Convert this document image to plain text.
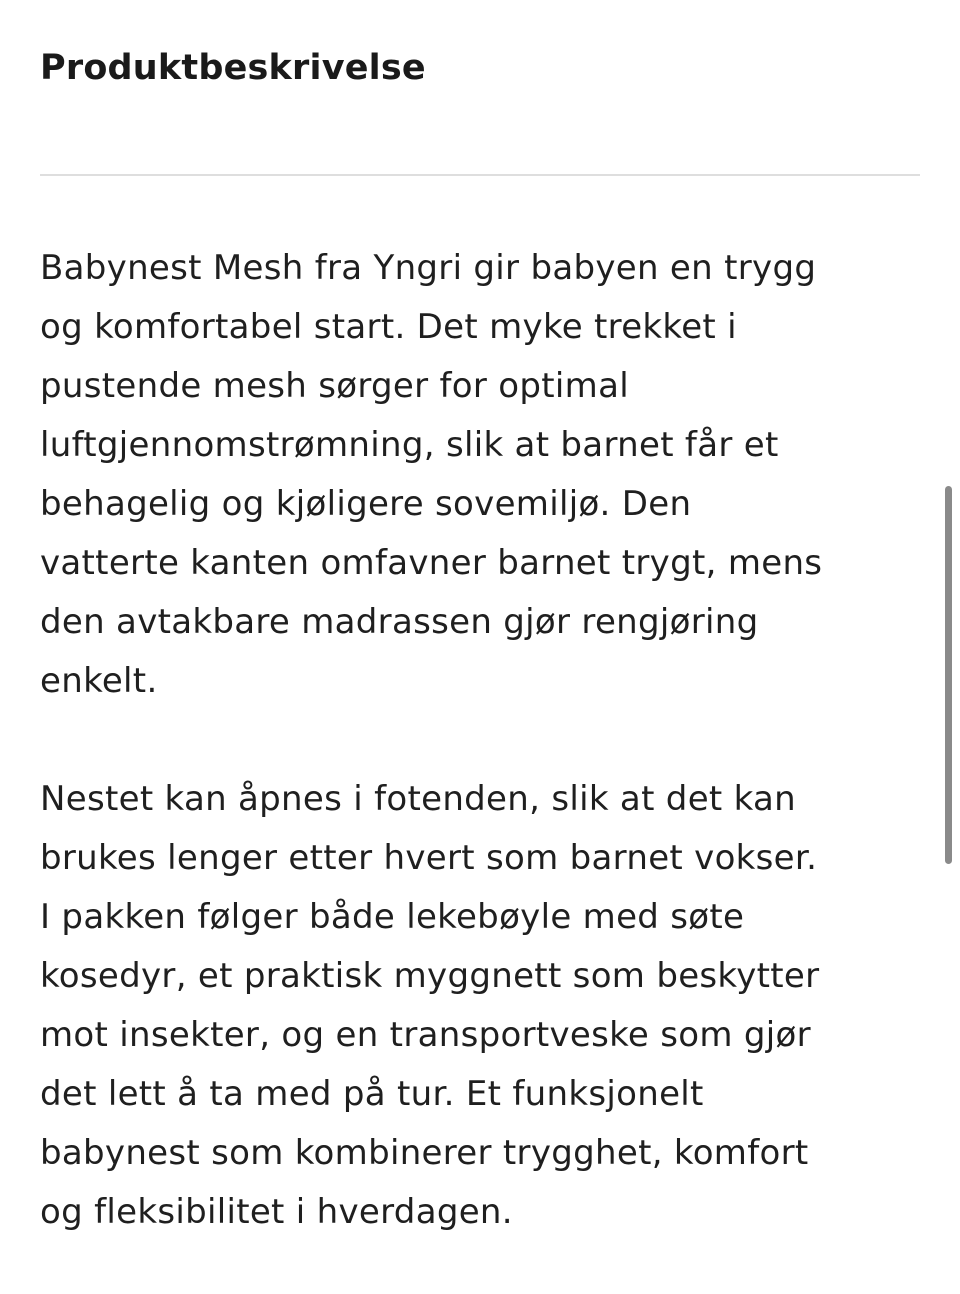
Produktbeskrivelse

Babynest Mesh fra Yngri gir babyen en trygg
og komfortabel start. Det myke trekket i
pustende mesh sørger for optimal
luftgjennomstrømning, slik at barnet får et
behagelig og kjøligere sovemiljø. Den
vatterte kanten omfavner barnet trygt, mens
den avtakbare madrassen gjør rengjøring
enkelt.

Nestet kan åpnes i fotenden, slik at det kan
brukes lenger etter hvert som barnet vokser.
I pakken følger både lekebøyle med søte
kosedyr, et praktisk myggnett som beskytter
mot insekter, og en transportveske som gjør
det lett å ta med på tur. Et funksjonelt
babynest som kombinerer trygghet, komfort
og fleksibilitet i hverdagen.
